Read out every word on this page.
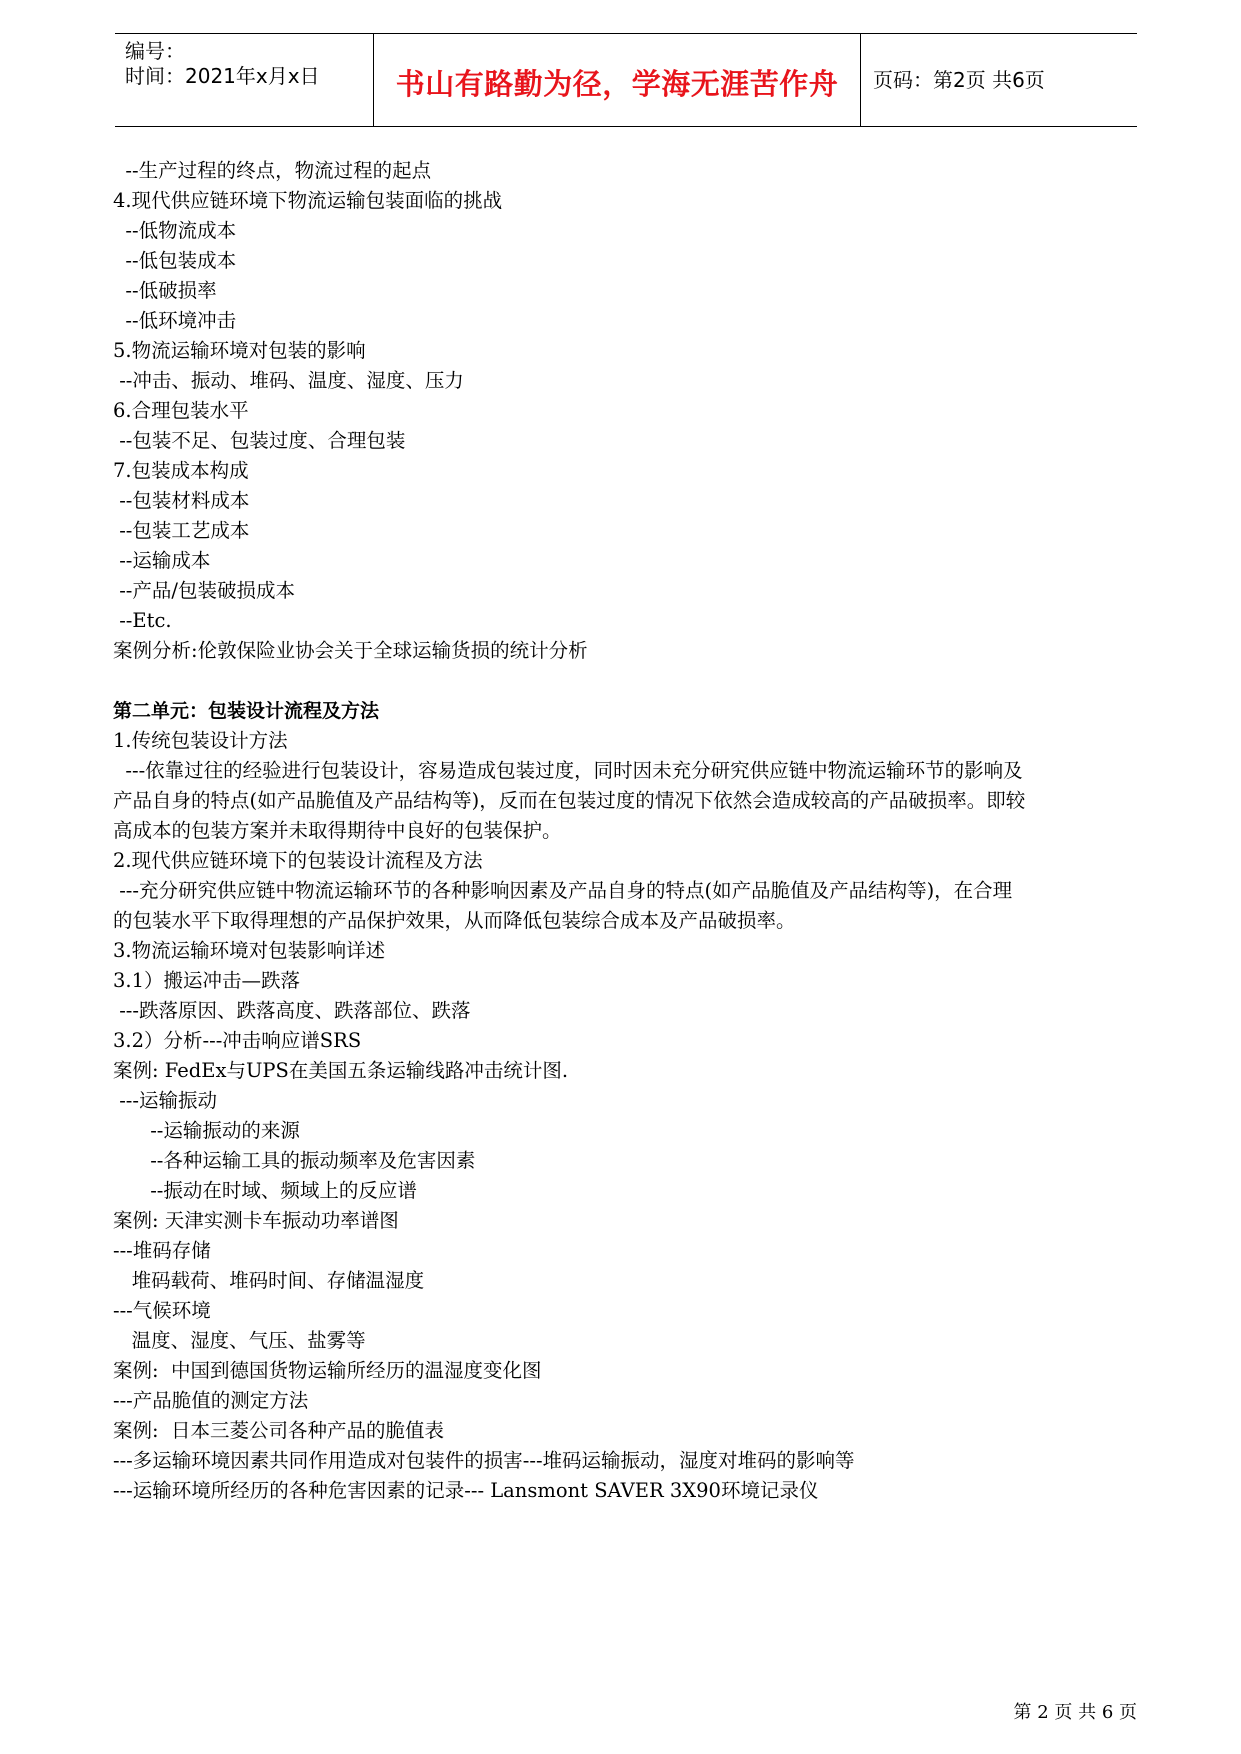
编号：
时间：2021年x月x日	书山有路勤为径，学海无涯苦作舟	页码：第2页 共6页
--生产过程的终点，物流过程的起点
4.现代供应链环境下物流运输包装面临的挑战
--低物流成本
--低包装成本
--低破损率
--低环境冲击
5.物流运输环境对包装的影响
--冲击、振动、堆码、温度、湿度、压力
6.合理包装水平
--包装不足、包装过度、合理包装
7.包装成本构成
--包装材料成本
--包装工艺成本
--运输成本
--产品/包装破损成本
--Etc.
案例分析:伦敦保险业协会关于全球运输货损的统计分析
第二单元：包装设计流程及方法
1.传统包装设计方法
---依靠过往的经验进行包装设计，容易造成包装过度，同时因未充分研究供应链中物流运输环节的影响及
产品自身的特点(如产品脆值及产品结构等)，反而在包装过度的情况下依然会造成较高的产品破损率。即较
高成本的包装方案并未取得期待中良好的包装保护。
2.现代供应链环境下的包装设计流程及方法
---充分研究供应链中物流运输环节的各种影响因素及产品自身的特点(如产品脆值及产品结构等)，在合理
的包装水平下取得理想的产品保护效果，从而降低包装综合成本及产品破损率。
3.物流运输环境对包装影响详述
3.1）搬运冲击—跌落
---跌落原因、跌落高度、跌落部位、跌落
3.2）分析---冲击响应谱SRS
案例: FedEx与UPS在美国五条运输线路冲击统计图.
---运输振动
--运输振动的来源
--各种运输工具的振动频率及危害因素
--振动在时域、频域上的反应谱
案例: 天津实测卡车振动功率谱图
---堆码存储
堆码载荷、堆码时间、存储温湿度
---气候环境
温度、湿度、气压、盐雾等
案例:  中国到德国货物运输所经历的温湿度变化图
---产品脆值的测定方法
案例:  日本三菱公司各种产品的脆值表
---多运输环境因素共同作用造成对包装件的损害---堆码运输振动，湿度对堆码的影响等
---运输环境所经历的各种危害因素的记录--- Lansmont SAVER 3X90环境记录仪
第 2 页 共 6 页
